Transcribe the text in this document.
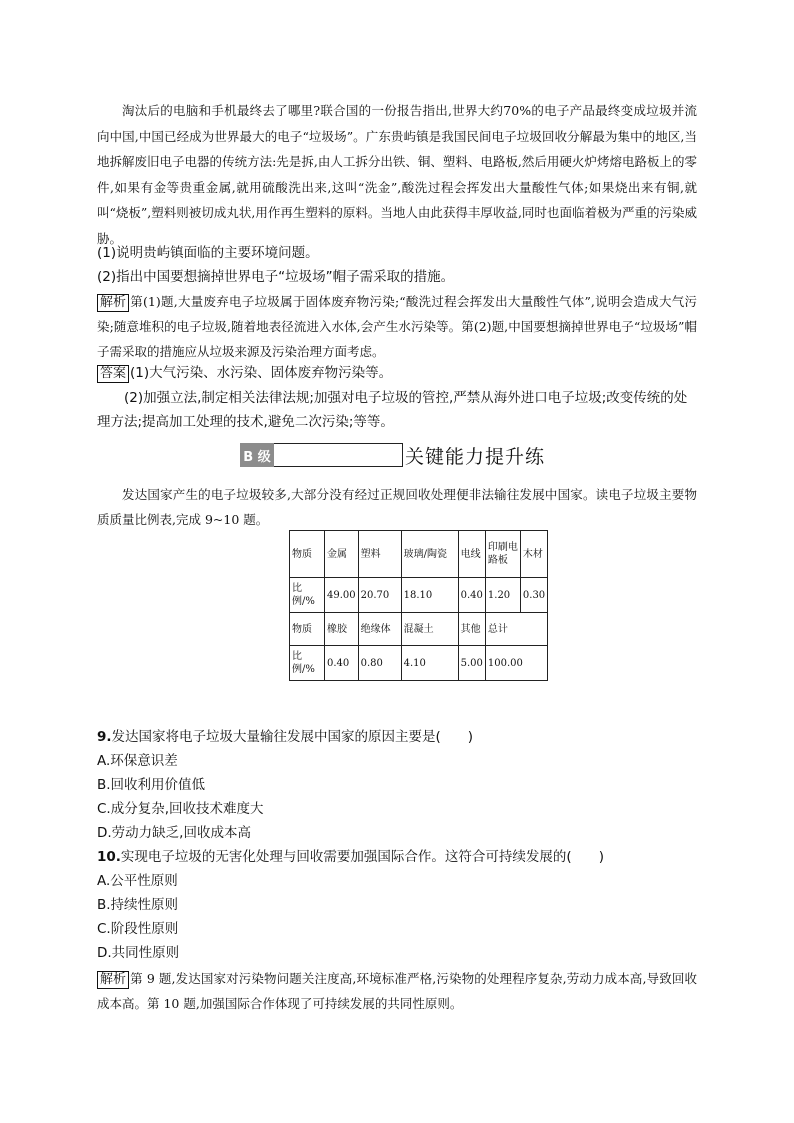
淘汰后的电脑和手机最终去了哪里?联合国的一份报告指出,世界大约70%的电子产品最终变成垃圾并流向中国,中国已经成为世界最大的电子“垃圾场”。广东贵屿镇是我国民间电子垃圾回收分解最为集中的地区,当地拆解废旧电子电器的传统方法:先是拆,由人工拆分出铁、铜、塑料、电路板,然后用硬火炉烤熔电路板上的零件,如果有金等贵重金属,就用硫酸洗出来,这叫“洗金”,酸洗过程会挥发出大量酸性气体;如果烧出来有铜,就叫“烧板”,塑料则被切成丸状,用作再生塑料的原料。当地人由此获得丰厚收益,同时也面临着极为严重的污染威胁。
(1)说明贵屿镇面临的主要环境问题。
(2)指出中国要想摘掉世界电子“垃圾场”帽子需采取的措施。
解析 第(1)题,大量废弃电子垃圾属于固体废弃物污染;“酸洗过程会挥发出大量酸性气体”,说明会造成大气污染;随意堆积的电子垃圾,随着地表径流进入水体,会产生水污染等。第(2)题,中国要想摘掉世界电子“垃圾场”帽子需采取的措施应从垃圾来源及污染治理方面考虑。
答案 (1)大气污染、水污染、固体废弃物污染等。
(2)加强立法,制定相关法律法规;加强对电子垃圾的管控,严禁从海外进口电子垃圾;改变传统的处理方法;提高加工处理的技术,避免二次污染;等等。
B 级	关键能力提升练
发达国家产生的电子垃圾较多,大部分没有经过正规回收处理便非法输往发展中国家。读电子垃圾主要物质质量比例表,完成 9~10 题。
物质	金属	塑料	玻璃/陶瓷	电线	印刷电路板	木材
比例/%	49.00	20.70	18.10	0.40	1.20	0.30
物质	橡胶	绝缘体	混凝土	其他	总计	
比例/%	0.40	0.80	4.10	5.00	100.00	
9.发达国家将电子垃圾大量输往发展中国家的原因主要是(　　)
A.环保意识差
B.回收利用价值低
C.成分复杂,回收技术难度大
D.劳动力缺乏,回收成本高
10.实现电子垃圾的无害化处理与回收需要加强国际合作。这符合可持续发展的(　　)
A.公平性原则
B.持续性原则
C.阶段性原则
D.共同性原则
解析 第 9 题,发达国家对污染物问题关注度高,环境标准严格,污染物的处理程序复杂,劳动力成本高,导致回收成本高。第 10 题,加强国际合作体现了可持续发展的共同性原则。
